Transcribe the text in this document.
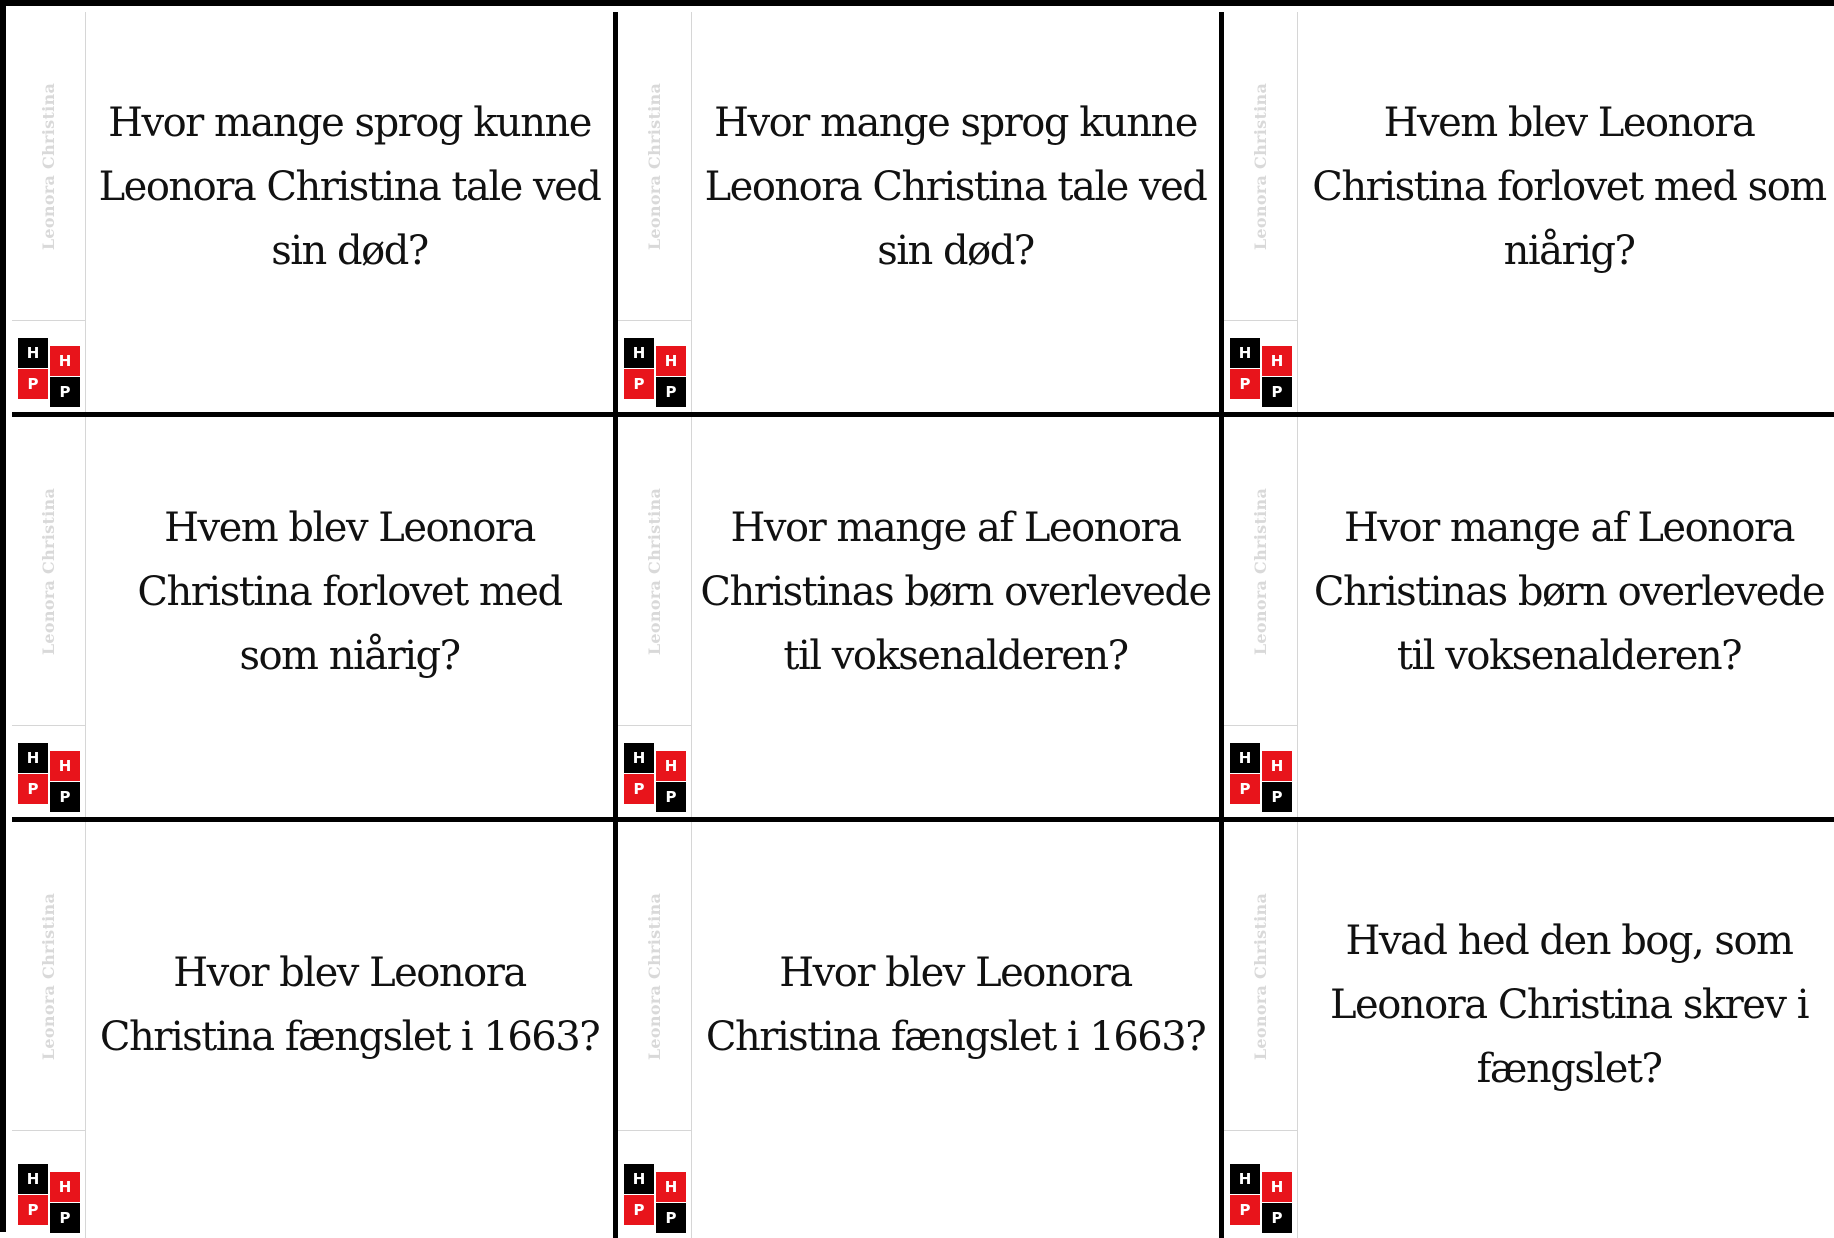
Leonora Christina
H
P
H
P

Hvor mange sprog kunne Leonora Christina tale ved sin død?

Leonora Christina
H
P
H
P

Hvor mange sprog kunne Leonora Christina tale ved sin død?

Leonora Christina
H
P
H
P

Hvem blev Leonora Christina forlovet med som niårig?

Leonora Christina
H
P
H
P

Hvem blev Leonora Christina forlovet med som niårig?

Leonora Christina
H
P
H
P

Hvor mange af Leonora Christinas børn overlevede til voksenalderen?

Leonora Christina
H
P
H
P

Hvor mange af Leonora Christinas børn overlevede til voksenalderen?

Leonora Christina
H
P
H
P

Hvor blev Leonora Christina fængslet i 1663?	Leonora Christina
H
P
H
P

Hvor blev Leonora Christina fængslet i 1663?	Leonora Christina
H
P
H
P

Hvad hed den bog, som Leonora Christina skrev i fængslet?
